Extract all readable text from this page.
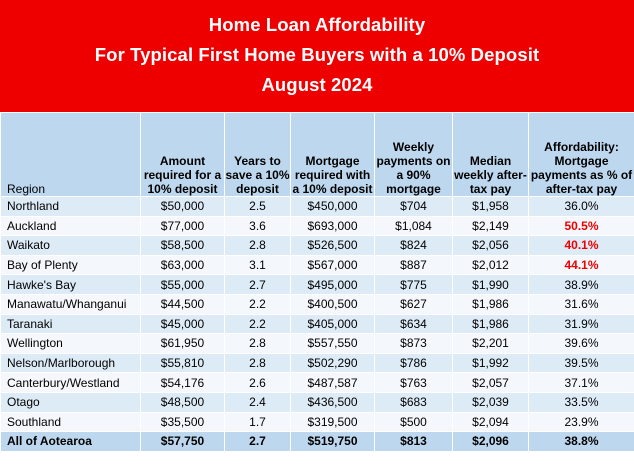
Home Loan Affordability
For Typical First Home Buyers with a 10% Deposit
August 2024
Region	Amount required for a 10% deposit	Years to save a 10% deposit	Mortgage required with a 10% deposit	Weekly payments on a 90% mortgage	Median weekly after-tax pay	Affordability: Mortgage payments as % of after-tax pay
Northland	$50,000	2.5	$450,000	$704	$1,958	36.0%
Auckland	$77,000	3.6	$693,000	$1,084	$2,149	50.5%
Waikato	$58,500	2.8	$526,500	$824	$2,056	40.1%
Bay of Plenty	$63,000	3.1	$567,000	$887	$2,012	44.1%
Hawke's Bay	$55,000	2.7	$495,000	$775	$1,990	38.9%
Manawatu/Whanganui	$44,500	2.2	$400,500	$627	$1,986	31.6%
Taranaki	$45,000	2.2	$405,000	$634	$1,986	31.9%
Wellington	$61,950	2.8	$557,550	$873	$2,201	39.6%
Nelson/Marlborough	$55,810	2.8	$502,290	$786	$1,992	39.5%
Canterbury/Westland	$54,176	2.6	$487,587	$763	$2,057	37.1%
Otago	$48,500	2.4	$436,500	$683	$2,039	33.5%
Southland	$35,500	1.7	$319,500	$500	$2,094	23.9%
All of Aotearoa	$57,750	2.7	$519,750	$813	$2,096	38.8%
